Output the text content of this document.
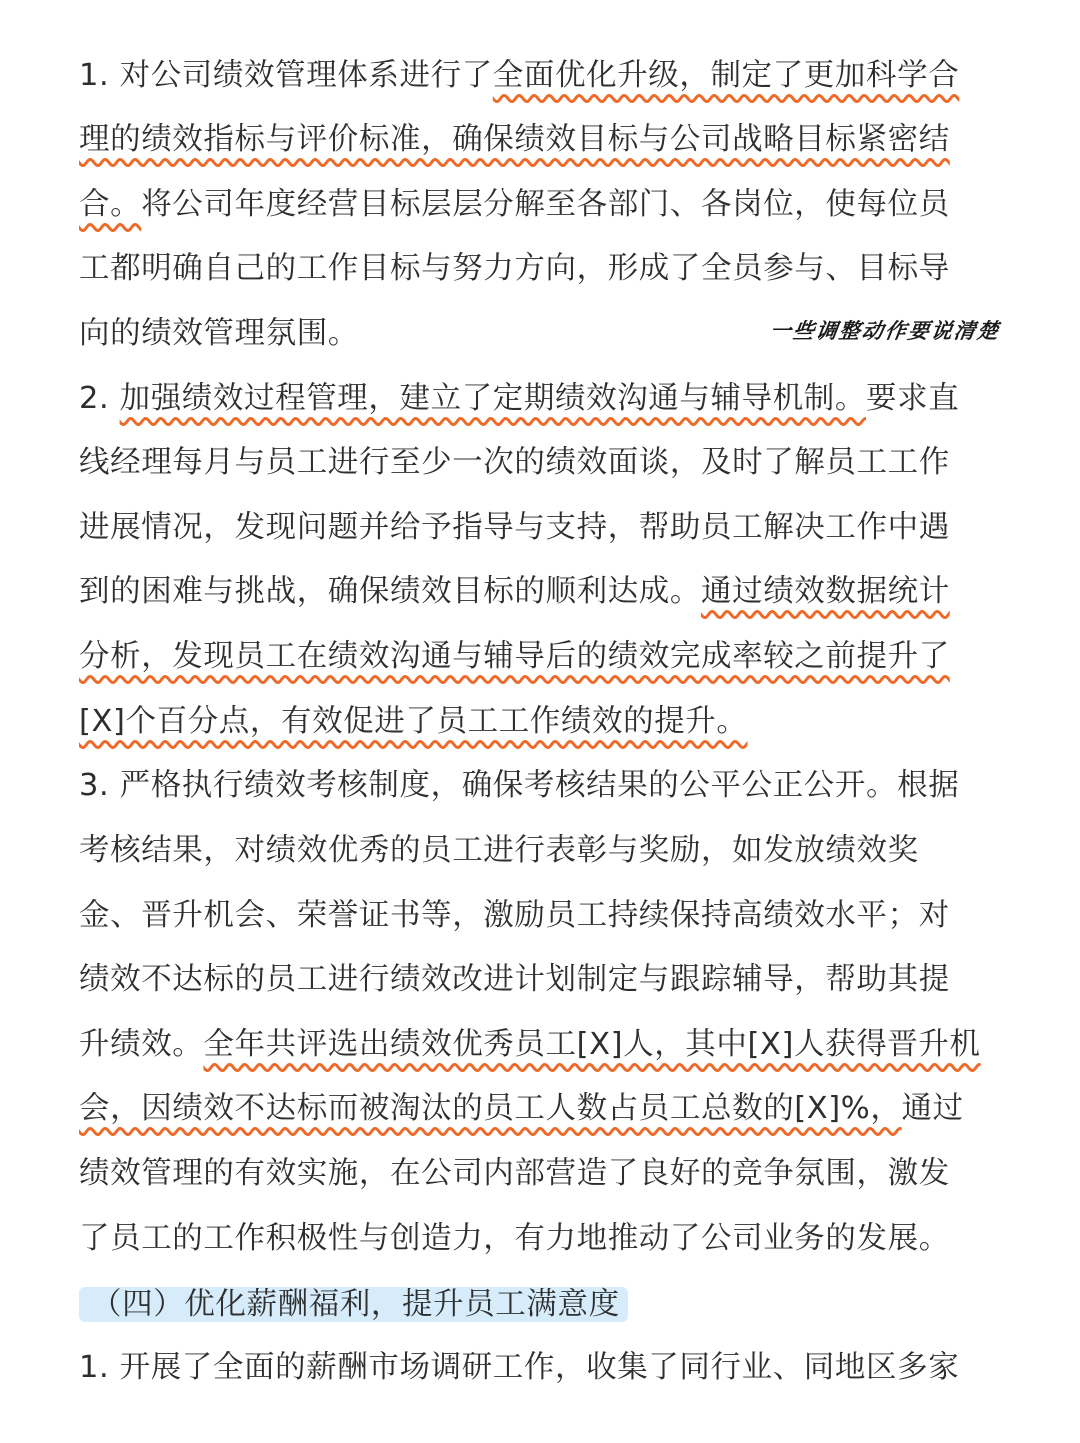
1. 对公司绩效管理体系进行了全面优化升级，制定了更加科学合
理的绩效指标与评价标准，确保绩效目标与公司战略目标紧密结
合。将公司年度经营目标层层分解至各部门、各岗位，使每位员
工都明确自己的工作目标与努力方向，形成了全员参与、目标导
向的绩效管理氛围。	一些调整动作要说清楚
2. 加强绩效过程管理，建立了定期绩效沟通与辅导机制。要求直
线经理每月与员工进行至少一次的绩效面谈，及时了解员工工作
进展情况，发现问题并给予指导与支持，帮助员工解决工作中遇
到的困难与挑战，确保绩效目标的顺利达成。通过绩效数据统计
分析，发现员工在绩效沟通与辅导后的绩效完成率较之前提升了
[X]个百分点，有效促进了员工工作绩效的提升。
3. 严格执行绩效考核制度，确保考核结果的公平公正公开。根据
考核结果，对绩效优秀的员工进行表彰与奖励，如发放绩效奖
金、晋升机会、荣誉证书等，激励员工持续保持高绩效水平；对
绩效不达标的员工进行绩效改进计划制定与跟踪辅导，帮助其提
升绩效。全年共评选出绩效优秀员工[X]人，其中[X]人获得晋升机
会，因绩效不达标而被淘汰的员工人数占员工总数的[X]%，通过
绩效管理的有效实施，在公司内部营造了良好的竞争氛围，激发
了员工的工作积极性与创造力，有力地推动了公司业务的发展。
（四）优化薪酬福利，提升员工满意度
1. 开展了全面的薪酬市场调研工作，收集了同行业、同地区多家
